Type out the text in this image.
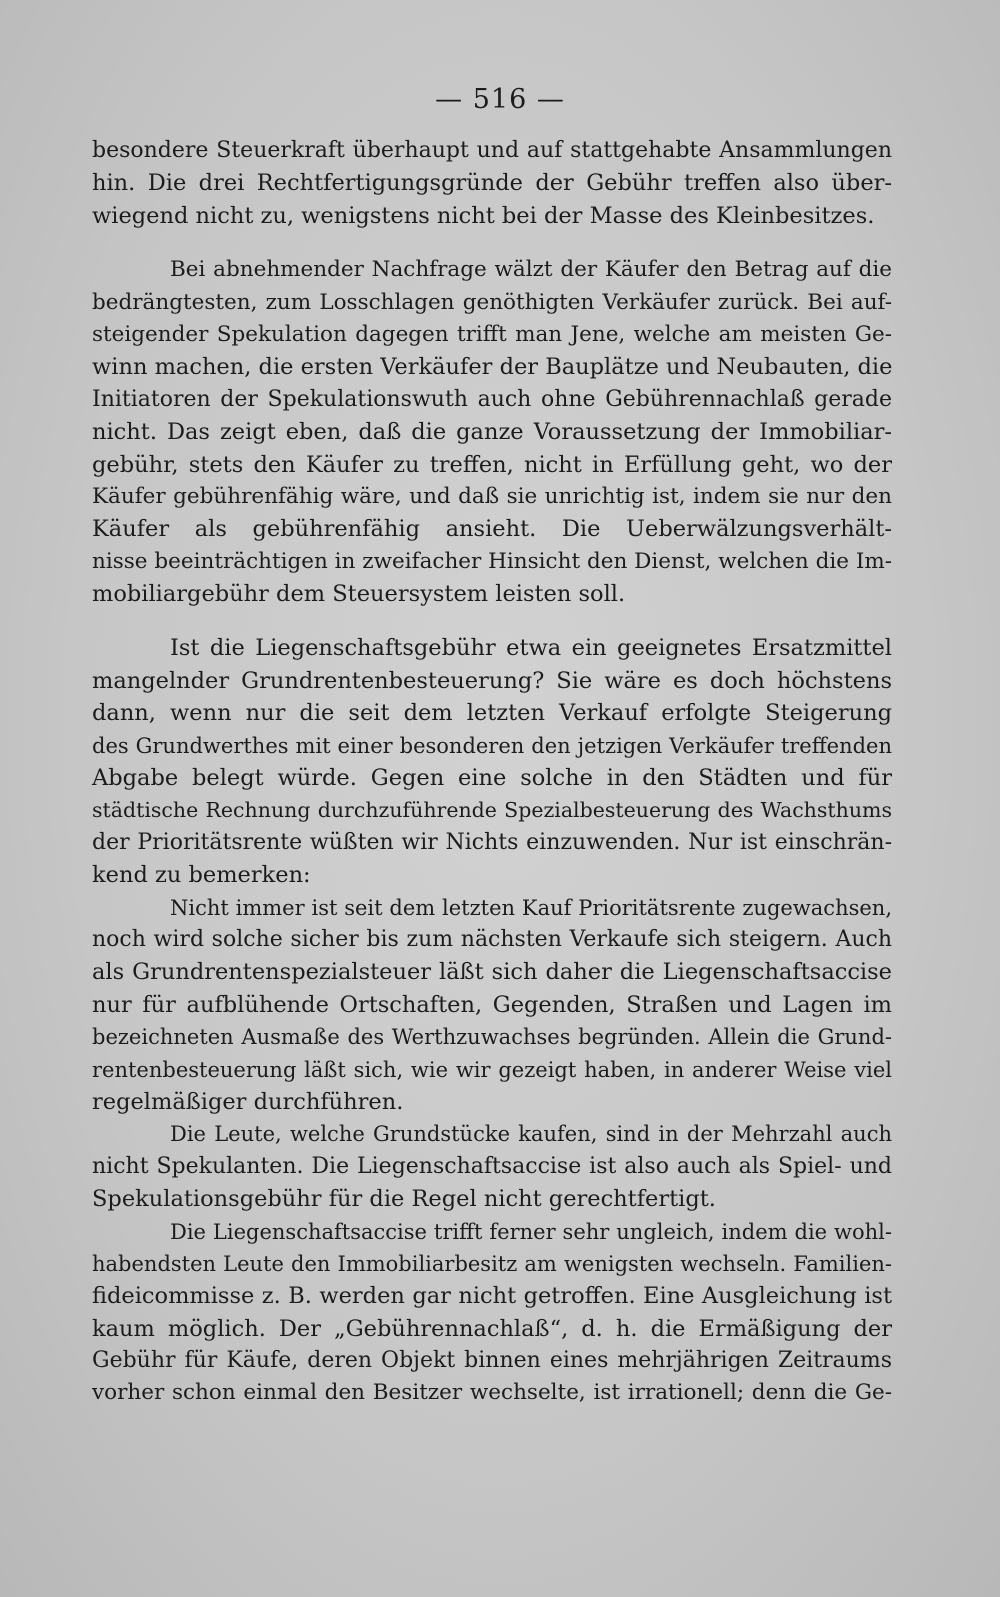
— 516 —
besondere Steuerkraft überhaupt und auf stattgehabte Ansammlungen
hin. Die drei Rechtfertigungsgründe der Gebühr treffen also über-
wiegend nicht zu, wenigstens nicht bei der Masse des Kleinbesitzes.
Bei abnehmender Nachfrage wälzt der Käufer den Betrag auf die
bedrängtesten, zum Losschlagen genöthigten Verkäufer zurück. Bei auf-
steigender Spekulation dagegen trifft man Jene, welche am meisten Ge-
winn machen, die ersten Verkäufer der Bauplätze und Neubauten, die
Initiatoren der Spekulationswuth auch ohne Gebührennachlaß gerade
nicht. Das zeigt eben, daß die ganze Voraussetzung der Immobiliar-
gebühr, stets den Käufer zu treffen, nicht in Erfüllung geht, wo der
Käufer gebührenfähig wäre, und daß sie unrichtig ist, indem sie nur den
Käufer als gebührenfähig ansieht. Die Ueberwälzungsverhält-
nisse beeinträchtigen in zweifacher Hinsicht den Dienst, welchen die Im-
mobiliargebühr dem Steuersystem leisten soll.
Ist die Liegenschaftsgebühr etwa ein geeignetes Ersatzmittel
mangelnder Grundrentenbesteuerung? Sie wäre es doch höchstens
dann, wenn nur die seit dem letzten Verkauf erfolgte Steigerung
des Grundwerthes mit einer besonderen den jetzigen Verkäufer treffenden
Abgabe belegt würde. Gegen eine solche in den Städten und für
städtische Rechnung durchzuführende Spezialbesteuerung des Wachsthums
der Prioritätsrente wüßten wir Nichts einzuwenden. Nur ist einschrän-
kend zu bemerken:
Nicht immer ist seit dem letzten Kauf Prioritätsrente zugewachsen,
noch wird solche sicher bis zum nächsten Verkaufe sich steigern. Auch
als Grundrentenspezialsteuer läßt sich daher die Liegenschaftsaccise
nur für aufblühende Ortschaften, Gegenden, Straßen und Lagen im
bezeichneten Ausmaße des Werthzuwachses begründen. Allein die Grund-
rentenbesteuerung läßt sich, wie wir gezeigt haben, in anderer Weise viel
regelmäßiger durchführen.
Die Leute, welche Grundstücke kaufen, sind in der Mehrzahl auch
nicht Spekulanten. Die Liegenschaftsaccise ist also auch als Spiel- und
Spekulationsgebühr für die Regel nicht gerechtfertigt.
Die Liegenschaftsaccise trifft ferner sehr ungleich, indem die wohl-
habendsten Leute den Immobiliarbesitz am wenigsten wechseln. Familien-
fideicommisse z. B. werden gar nicht getroffen. Eine Ausgleichung ist
kaum möglich. Der „Gebührennachlaß“, d. h. die Ermäßigung der
Gebühr für Käufe, deren Objekt binnen eines mehrjährigen Zeitraums
vorher schon einmal den Besitzer wechselte, ist irrationell; denn die Ge-
